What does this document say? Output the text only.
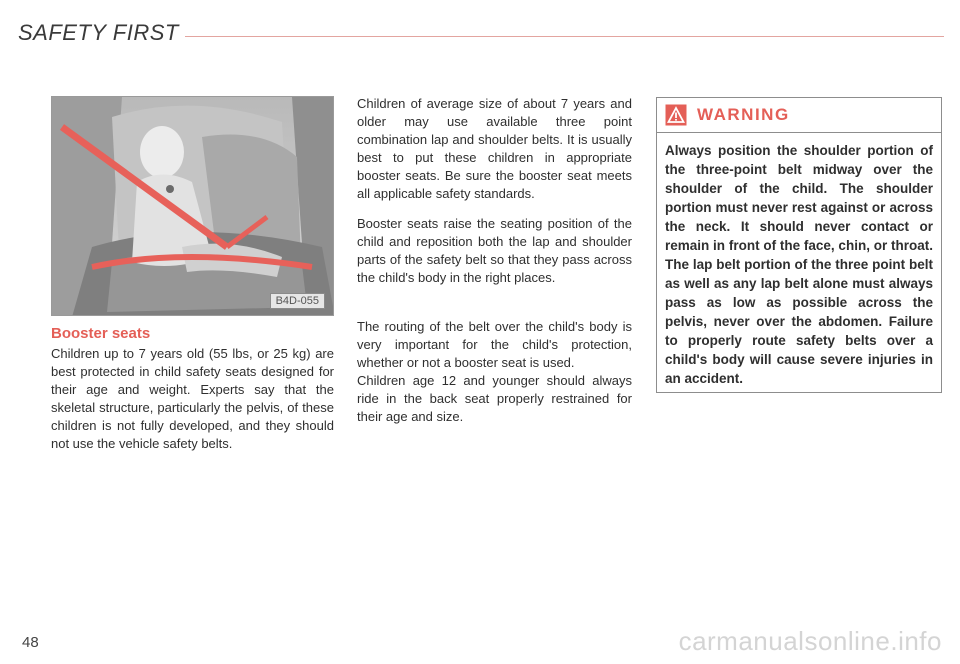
SAFETY FIRST
B4D-055
Booster seats

Children up to 7 years old (55 lbs, or 25 kg) are best protected in child safety seats designed for their age and weight. Experts say that the skeletal structure, particularly the pelvis, of these children is not fully developed, and they should not use the vehicle safety belts.

Children of average size of about 7 years and older may use available three point combination lap and shoulder belts. It is usually best to put these children in appropriate booster seats. Be sure the booster seat meets all applicable safety standards.

Booster seats raise the seating position of the child and reposition both the lap and shoulder parts of the safety belt so that they pass across the child's body in the right places.

The routing of the belt over the child's body is very important for the child's protection, whether or not a booster seat is used.

Children age 12 and younger should always ride in the back seat properly restrained for their age and size.

WARNING

Always position the shoulder portion of the three-point belt midway over the shoulder of the child. The shoulder portion must never rest against or across the neck. It should never contact or remain in front of the face, chin, or throat. The lap belt portion of the three point belt as well as any lap belt alone must always pass as low as possible across the pelvis, never over the abdomen. Failure to properly route safety belts over a child's body will cause severe injuries in an accident.

48	carmanualsonline.info
